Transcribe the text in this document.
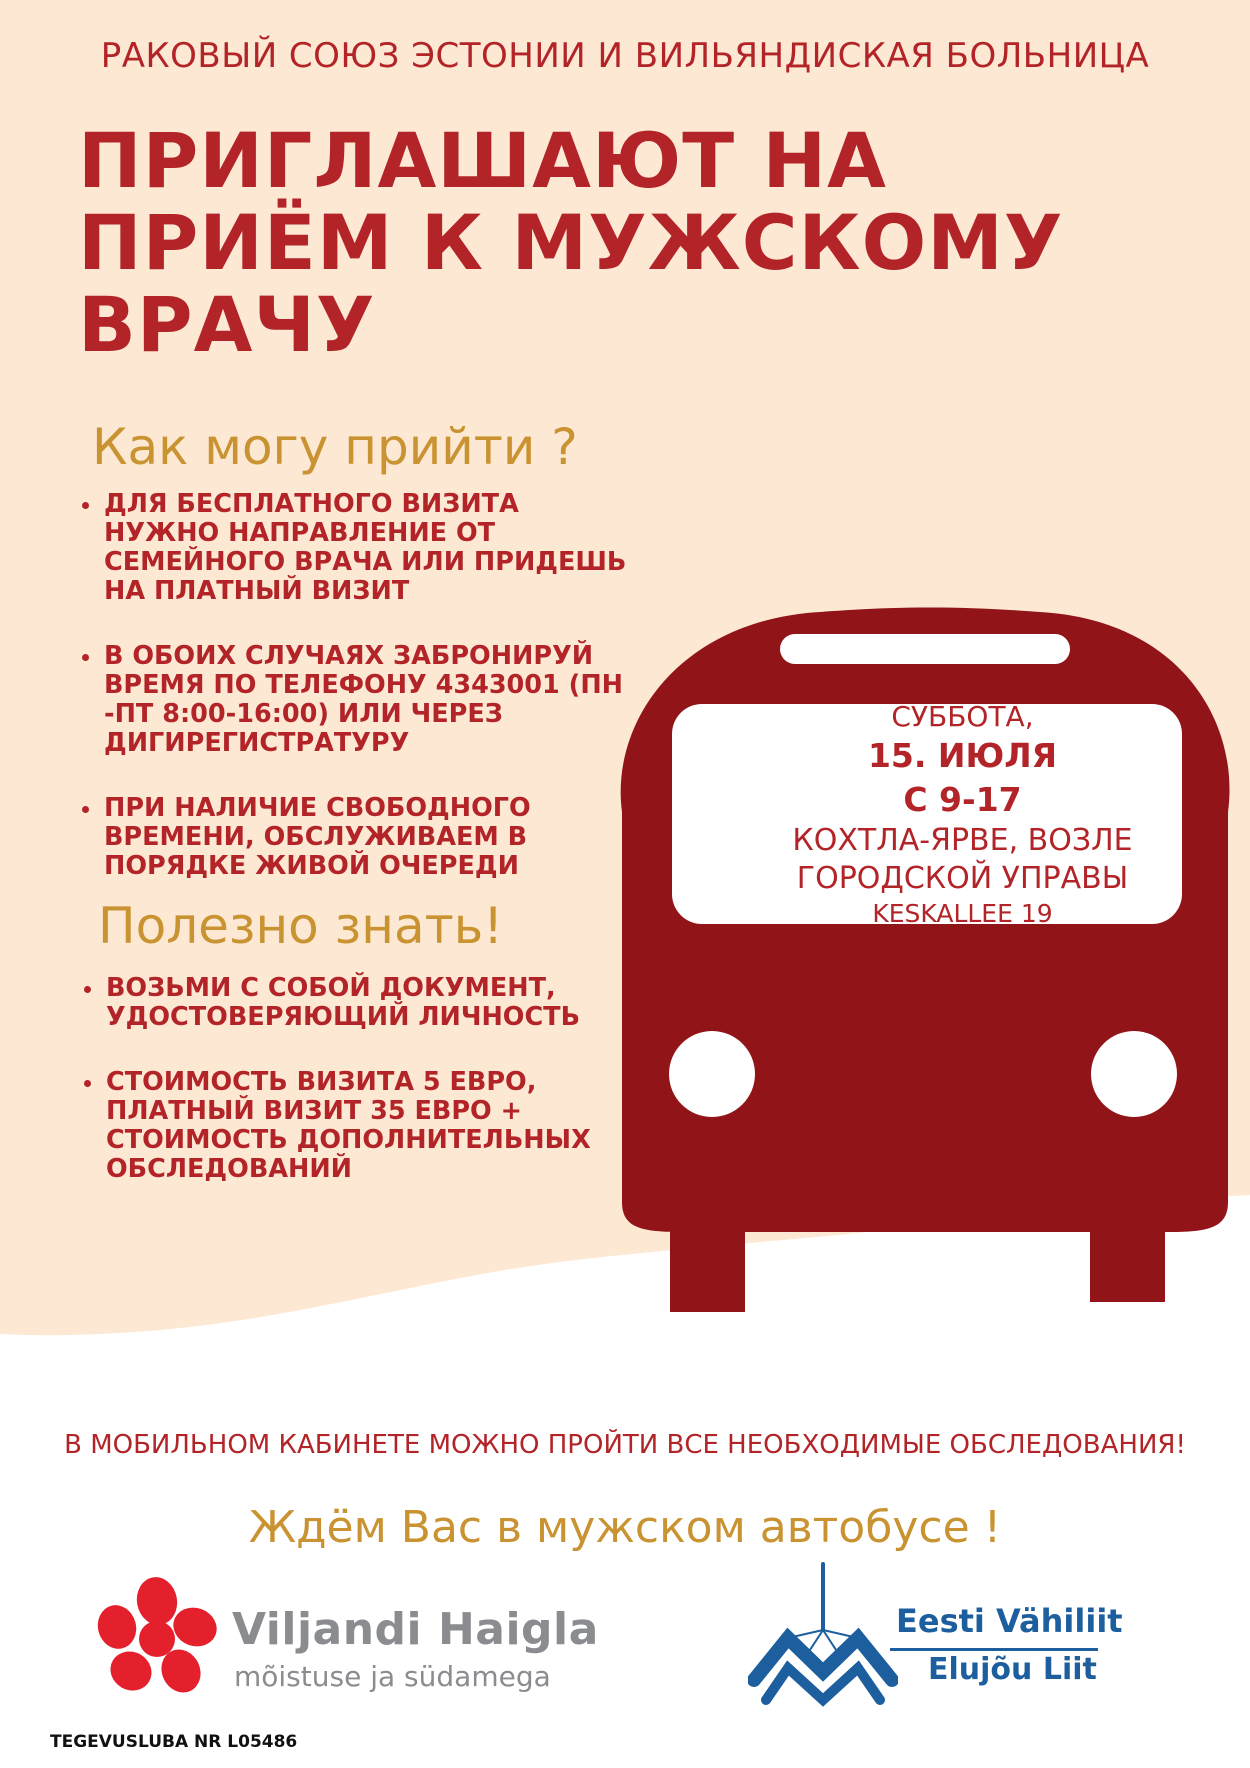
РАКОВЫЙ СОЮЗ ЭСТОНИИ И ВИЛЬЯНДИСКАЯ БОЛЬНИЦА
ПРИГЛАШАЮТ НА
ПРИЁМ К МУЖСКОМУ
ВРАЧУ
Как могу прийти ?
ДЛЯ БЕСПЛАТНОГО ВИЗИТА НУЖНО НАПРАВЛЕНИЕ ОТ СЕМЕЙНОГО ВРАЧА ИЛИ ПРИДЕШЬ НА ПЛАТНЫЙ ВИЗИТ
В ОБОИХ СЛУЧАЯХ ЗАБРОНИРУЙ ВРЕМЯ ПО ТЕЛЕФОНУ 4343001 (ПН -ПТ 8:00-16:00) ИЛИ ЧЕРЕЗ ДИГИРЕГИСТРАТУРУ
ПРИ НАЛИЧИЕ СВОБОДНОГО ВРЕМЕНИ, ОБСЛУЖИВАЕМ В ПОРЯДКЕ ЖИВОЙ ОЧЕРЕДИ
Полезно знать!
ВОЗЬМИ С СОБОЙ ДОКУМЕНТ, УДОСТОВЕРЯЮЩИЙ ЛИЧНОСТЬ
СТОИМОСТЬ ВИЗИТА 5 ЕВРО, ПЛАТНЫЙ ВИЗИТ 35 ЕВРО + СТОИМОСТЬ ДОПОЛНИТЕЛЬНЫХ ОБСЛЕДОВАНИЙ
СУББОТА,
15. ИЮЛЯ
С 9-17
КОХТЛА-ЯРВЕ, ВОЗЛЕ
ГОРОДСКОЙ УПРАВЫ
KESKALLEE 19
В МОБИЛЬНОМ КАБИНЕТЕ МОЖНО ПРОЙТИ ВСЕ НЕОБХОДИМЫЕ ОБСЛЕДОВАНИЯ!
Ждём Вас в мужском автобусе !
Viljandi Haigla
mõistuse ja südamega
Eesti Vähiliit
Elujõu Liit
TEGEVUSLUBA NR L05486
